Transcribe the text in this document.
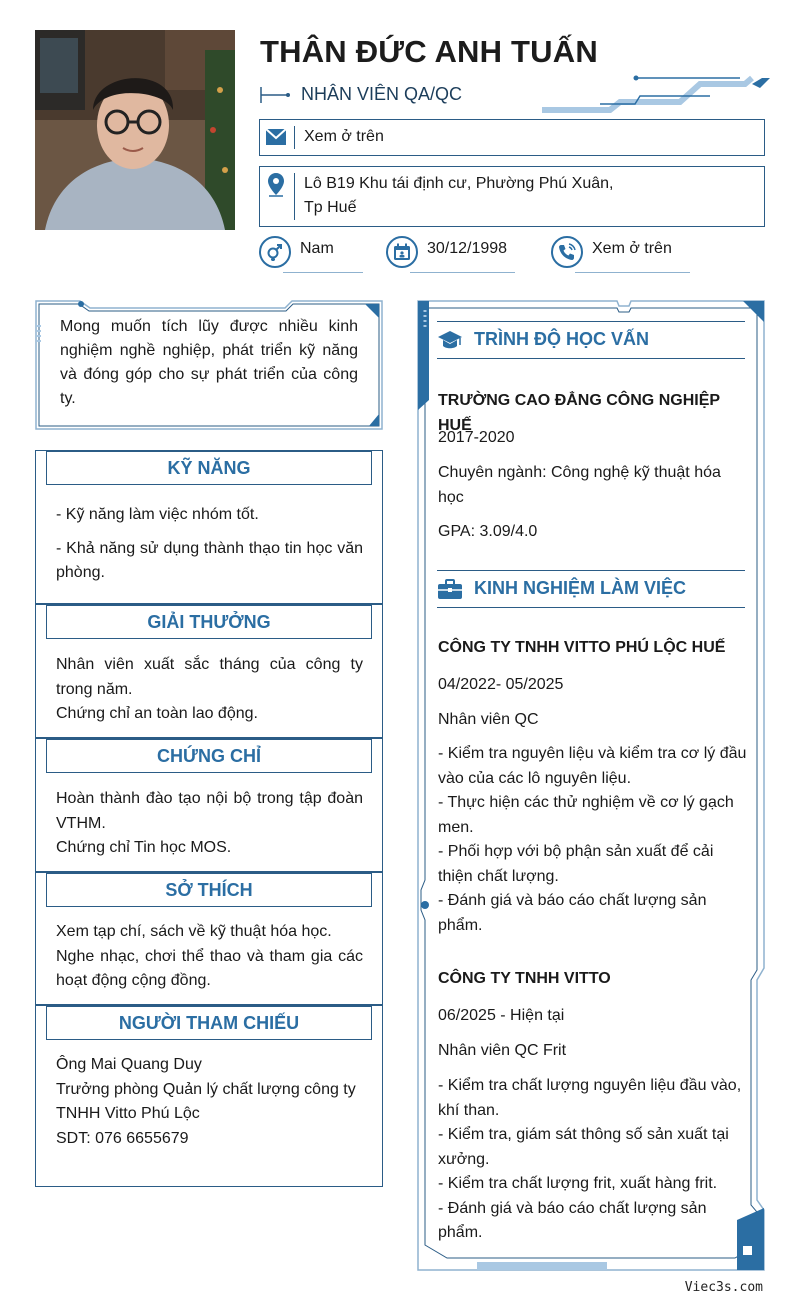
THÂN ĐỨC ANH TUẤN
NHÂN VIÊN QA/QC
Xem ở trên
Lô B19 Khu tái định cư, Phường Phú Xuân,
Tp Huế
Nam	30/12/1998	Xem ở trên
Mong muốn tích lũy được nhiều kinh nghiệm nghề nghiệp, phát triển kỹ năng và đóng góp cho sự phát triển của công ty.
KỸ NĂNG

- Kỹ năng làm việc nhóm tốt.

- Khả năng sử dụng thành thạo tin học văn phòng.

GIẢI THƯỞNG
Nhân viên xuất sắc tháng của công ty trong năm.
Chứng chỉ an toàn lao động.
CHỨNG CHỈ
Hoàn thành đào tạo nội bộ trong tập đoàn VTHM.
Chứng chỉ Tin học MOS.
SỞ THÍCH
Xem tạp chí, sách về kỹ thuật hóa học.
Nghe nhạc, chơi thể thao và tham gia các hoạt động cộng đồng.
NGƯỜI THAM CHIẾU
Ông Mai Quang Duy
Trưởng phòng Quản lý chất lượng công ty
TNHH Vitto Phú Lộc
SDT: 076 6655679
TRÌNH ĐỘ HỌC VẤN
TRƯỜNG CAO ĐẲNG CÔNG NGHIỆP HUẾ
2017-2020
Chuyên ngành: Công nghệ kỹ thuật hóa học
GPA: 3.09/4.0
KINH NGHIỆM LÀM VIỆC
CÔNG TY TNHH VITTO PHÚ LỘC HUẾ
04/2022- 05/2025
Nhân viên QC
- Kiểm tra nguyên liệu và kiểm tra cơ lý đầu vào của các lô nguyên liệu.
- Thực hiện các thử nghiệm về cơ lý gạch men.
- Phối hợp với bộ phận sản xuất để cải thiện chất lượng.
- Đánh giá và báo cáo chất lượng sản phẩm.
CÔNG TY TNHH VITTO
06/2025 - Hiện tại
Nhân viên QC Frit
- Kiểm tra chất lượng nguyên liệu đầu vào, khí than.
- Kiểm tra, giám sát thông số sản xuất tại xưởng.
- Kiểm tra chất lượng frit, xuất hàng frit.
- Đánh giá và báo cáo chất lượng sản phẩm.
Viec3s.com
